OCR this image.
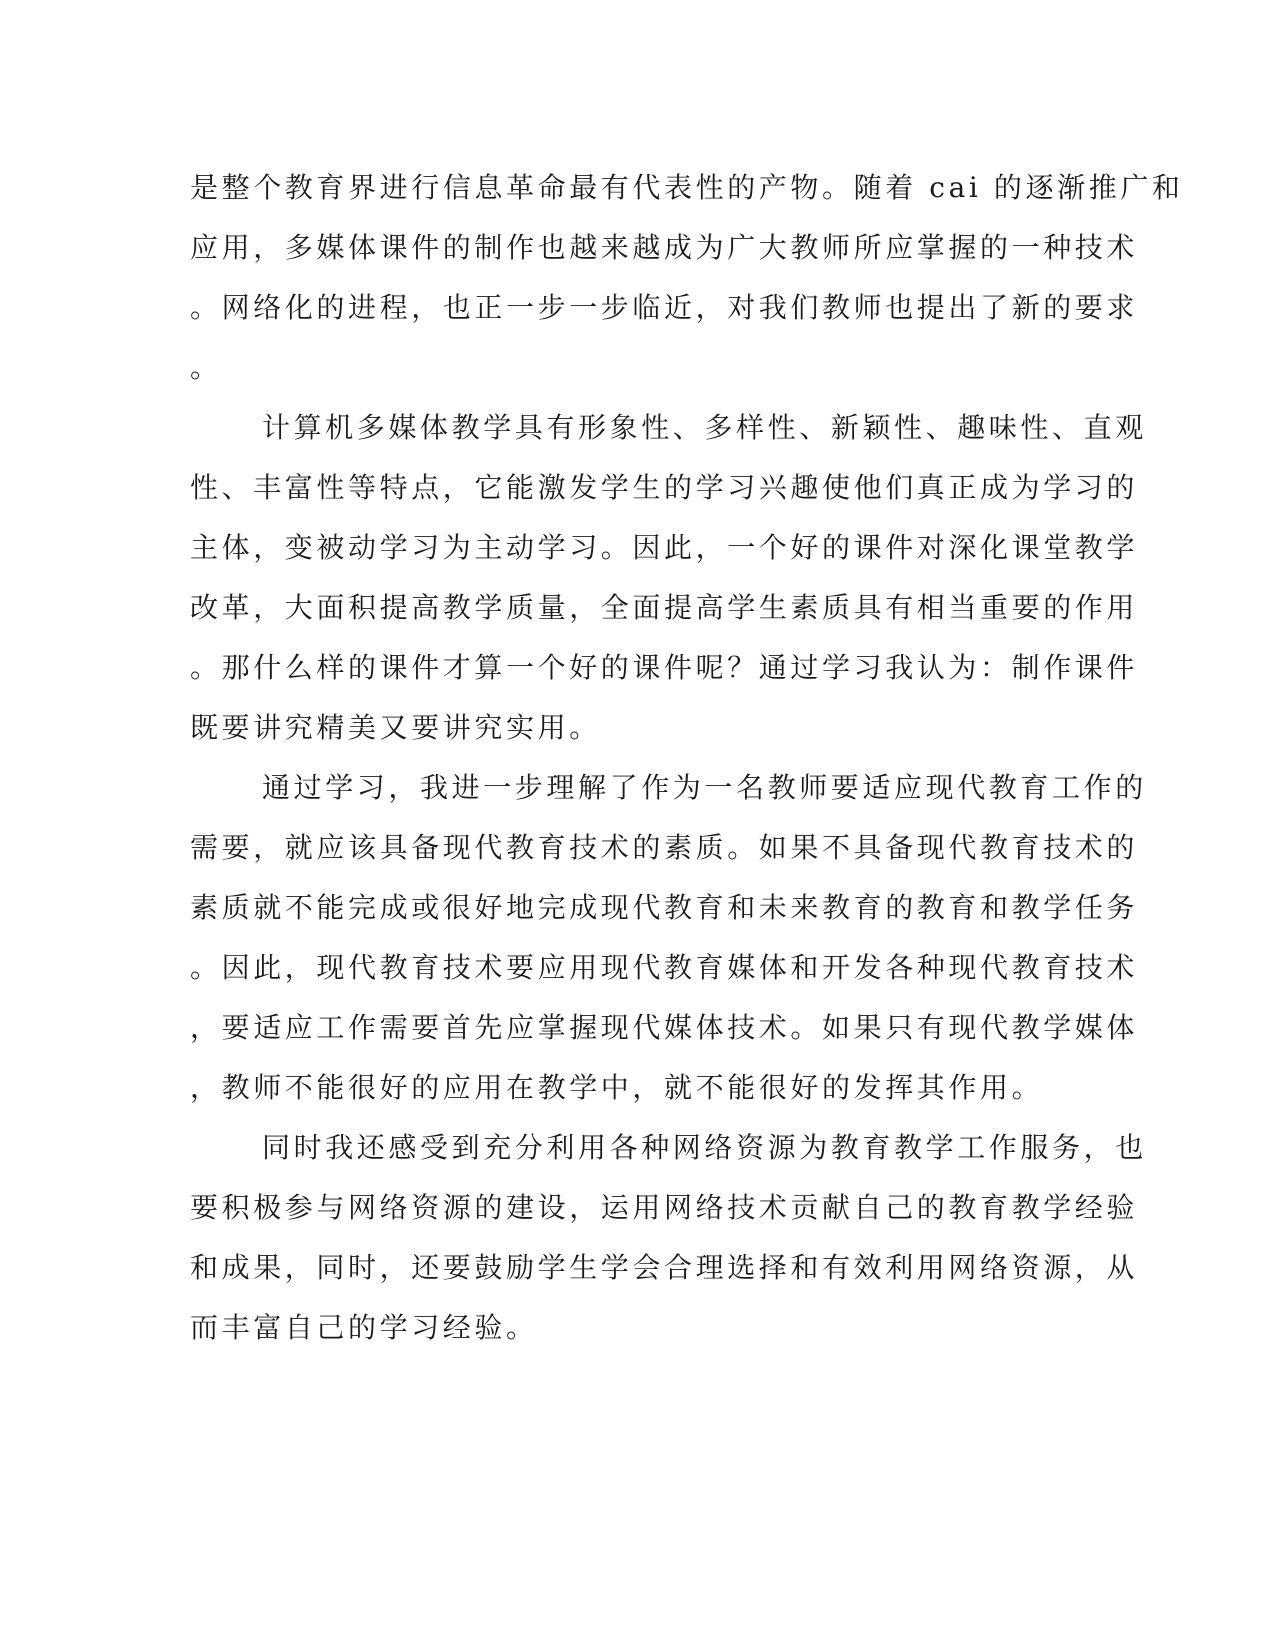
是整个教育界进行信息革命最有代表性的产物。随着 cai 的逐渐推广和
应用，多媒体课件的制作也越来越成为广大教师所应掌握的一种技术
。网络化的进程，也正一步一步临近，对我们教师也提出了新的要求
。
计算机多媒体教学具有形象性、多样性、新颖性、趣味性、直观
性、丰富性等特点，它能激发学生的学习兴趣使他们真正成为学习的
主体，变被动学习为主动学习。因此，一个好的课件对深化课堂教学
改革，大面积提高教学质量，全面提高学生素质具有相当重要的作用
。那什么样的课件才算一个好的课件呢？通过学习我认为：制作课件
既要讲究精美又要讲究实用。
通过学习，我进一步理解了作为一名教师要适应现代教育工作的
需要，就应该具备现代教育技术的素质。如果不具备现代教育技术的
素质就不能完成或很好地完成现代教育和未来教育的教育和教学任务
。因此，现代教育技术要应用现代教育媒体和开发各种现代教育技术
，要适应工作需要首先应掌握现代媒体技术。如果只有现代教学媒体
，教师不能很好的应用在教学中，就不能很好的发挥其作用。
同时我还感受到充分利用各种网络资源为教育教学工作服务，也
要积极参与网络资源的建设，运用网络技术贡献自己的教育教学经验
和成果，同时，还要鼓励学生学会合理选择和有效利用网络资源，从
而丰富自己的学习经验。
